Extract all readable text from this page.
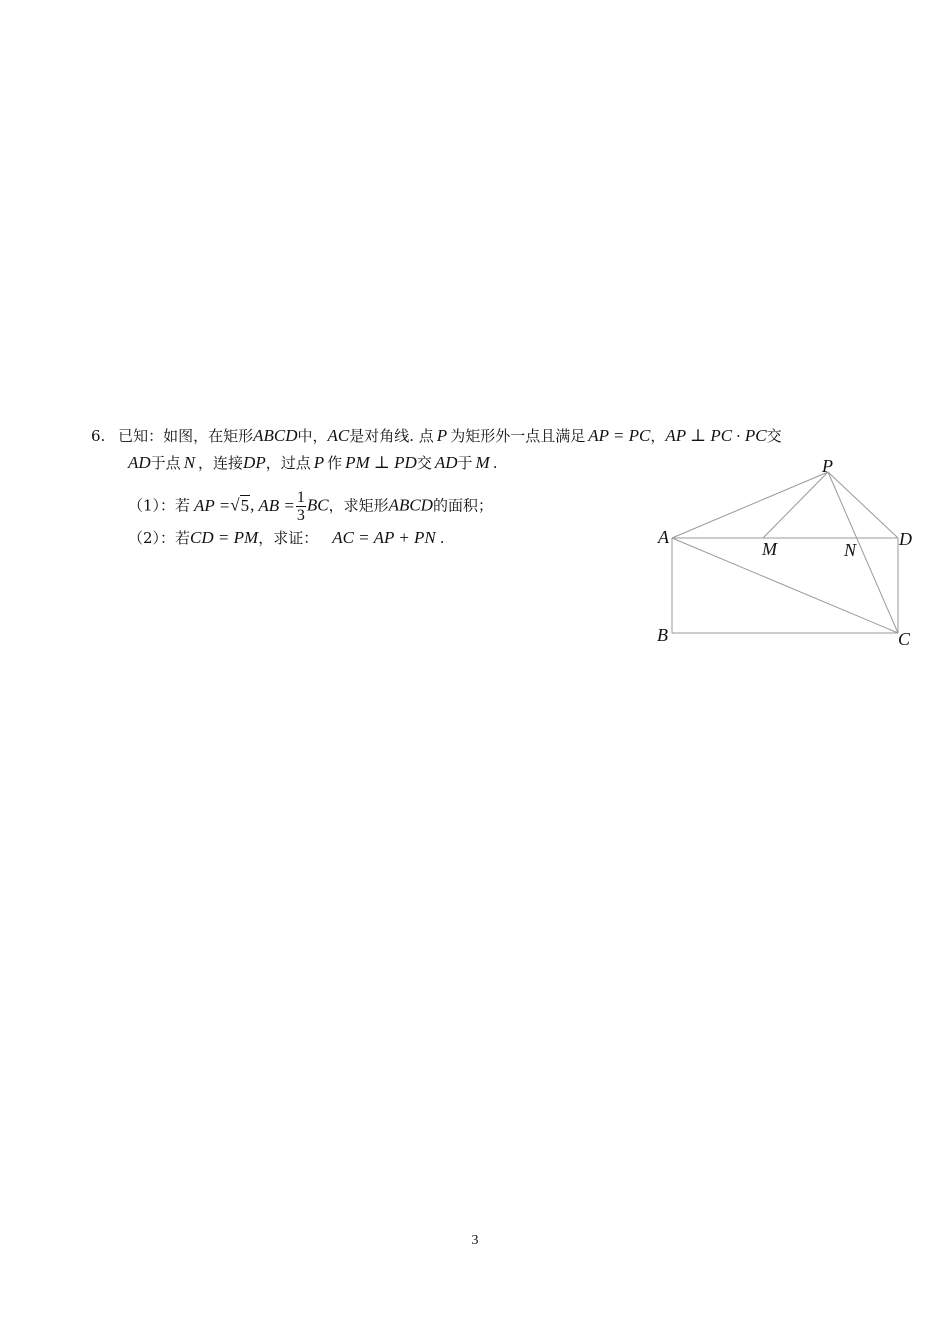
6. 已知：如图，在矩形ABCD中，AC是对角线. 点 P 为矩形外一点且满足 AP = PC，AP ⊥ PC · PC交
AD于点 N ，连接DP，过点 P 作 PM ⊥ PD交 AD于 M .
（1）：若 AP =√5, AB = $\frac{1}{3}$ BC，求矩形ABCD的面积；
（2）：若CD = PM，求证： AC = AP + PN .
P
A
M	N
D
B	C
3
